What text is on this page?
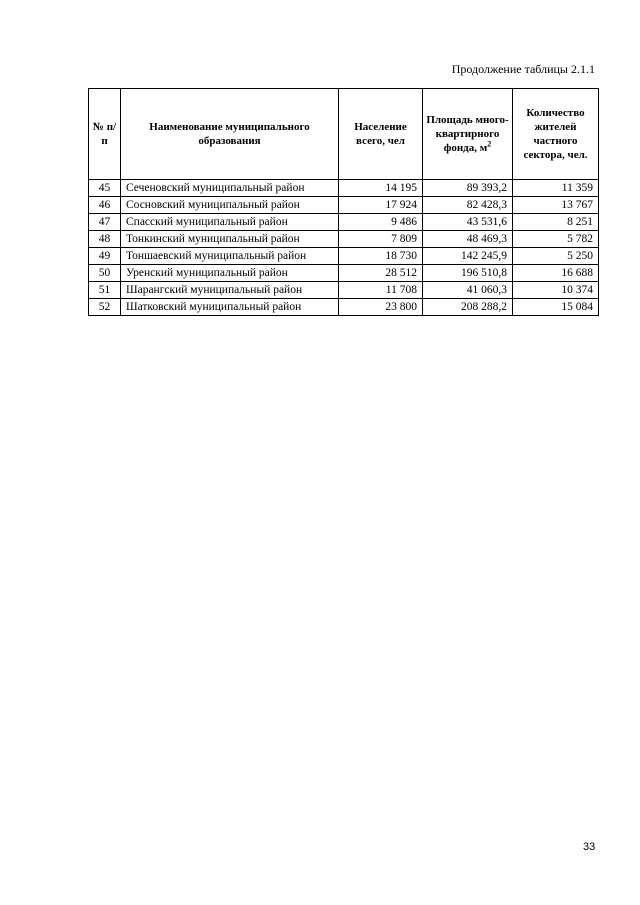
Продолжение таблицы 2.1.1
№ п/п	Наименование муниципального образования	Население всего, чел	Площадь много-квартирного фонда, $м^2$	Количество жителей частного сектора, чел.
45	Сеченовский муниципальный район	14 195	89 393,2	11 359
46	Сосновский муниципальный район	17 924	82 428,3	13 767
47	Спасский муниципальный район	9 486	43 531,6	8 251
48	Тонкинский муниципальный район	7 809	48 469,3	5 782
49	Тоншаевский муниципальный район	18 730	142 245,9	5 250
50	Уренский муниципальный район	28 512	196 510,8	16 688
51	Шарангский муниципальный район	11 708	41 060,3	10 374
52	Шатковский муниципальный район	23 800	208 288,2	15 084
33
